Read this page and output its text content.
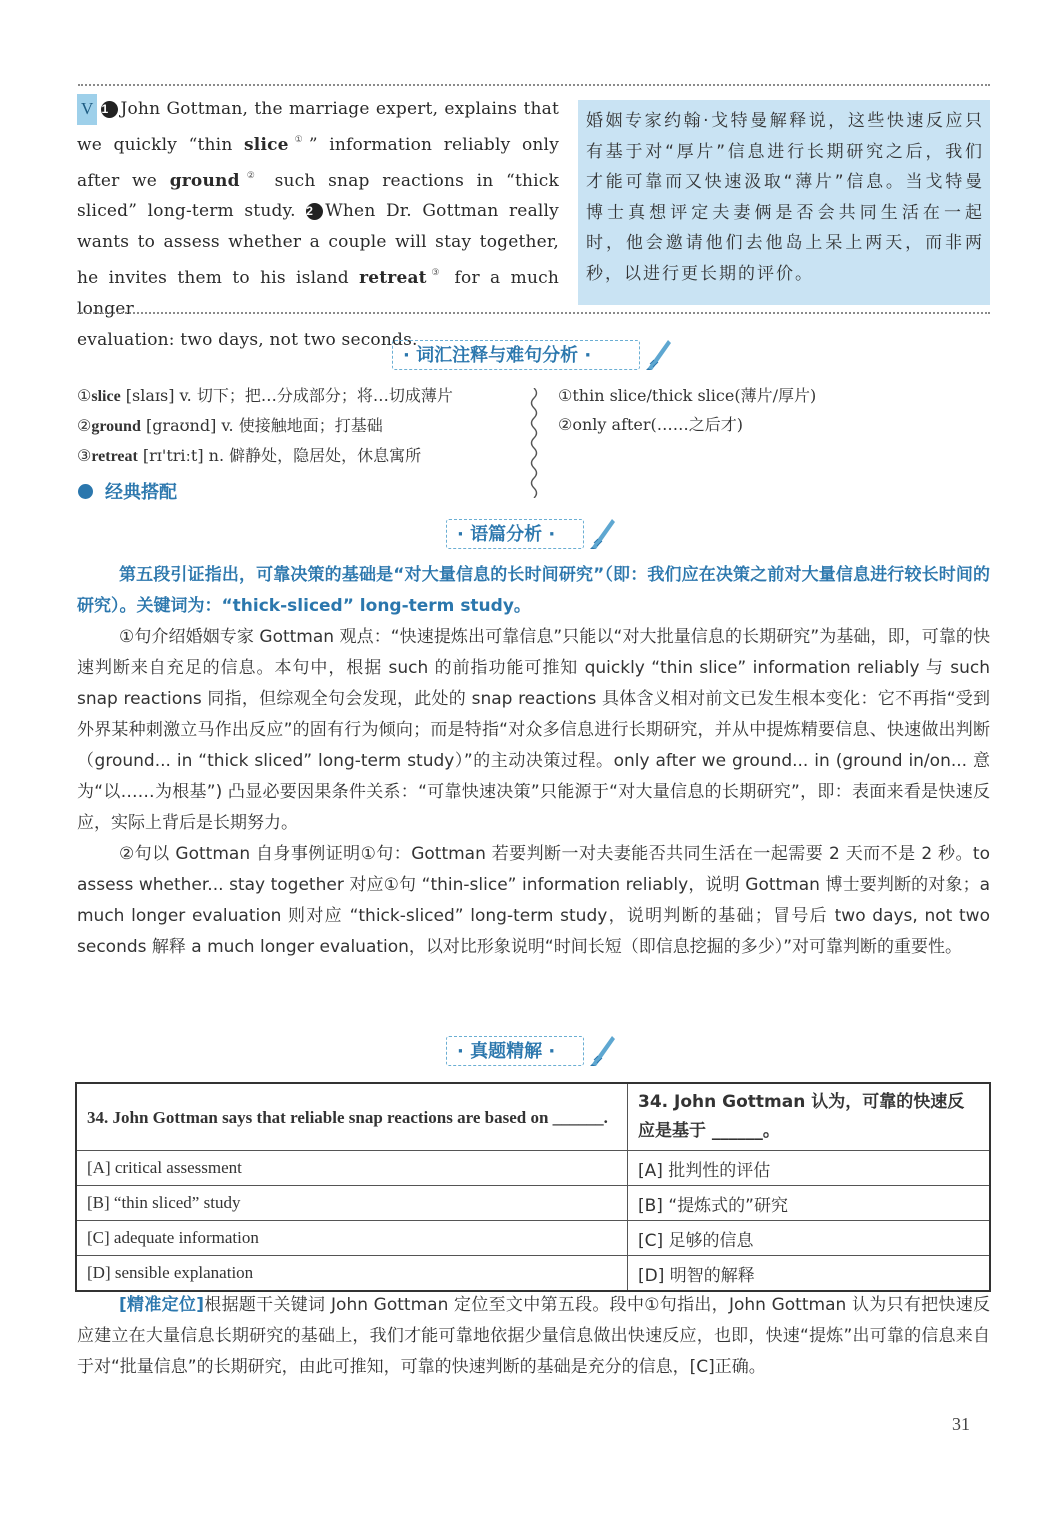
V 1 John Gottman, the marriage expert, explains that we quickly “thin slice①” information reliably only after we ground② such snap reactions in “thick sliced” long-term study. 2 When Dr. Gottman really wants to assess whether a couple will stay together, he invites them to his island retreat③ for a much longer
evaluation: two days, not two seconds.
婚姻专家约翰·戈特曼解释说，这些快速反应只有基于对“厚片”信息进行长期研究之后，我们才能可靠而又快速汲取“薄片”信息。当戈特曼博士真想评定夫妻俩是否会共同生活在一起时，他会邀请他们去他岛上呆上两天，而非两秒，以进行更长期的评价。
· 词汇注释与难句分析 ·
①slice [slaɪs] v. 切下；把…分成部分；将…切成薄片
②ground [graʊnd] v. 使接触地面；打基础
③retreat [rɪ'triːt] n. 僻静处，隐居处，休息寓所
①thin slice/thick slice(薄片/厚片)
②only after(……之后才)
经典搭配
· 语篇分析 ·

第五段引证指出，可靠决策的基础是“对大量信息的长时间研究”（即：我们应在决策之前对大量信息进行较长时间的研究）。关键词为：“thick-sliced” long-term study。

①句介绍婚姻专家 Gottman 观点：“快速提炼出可靠信息”只能以“对大批量信息的长期研究”为基础，即，可靠的快速判断来自充足的信息。本句中，根据 such 的前指功能可推知 quickly “thin slice” information reliably 与 such snap reactions 同指，但综观全句会发现，此处的 snap reactions 具体含义相对前文已发生根本变化：它不再指“受到外界某种刺激立马作出反应”的固有行为倾向；而是特指“对众多信息进行长期研究，并从中提炼精要信息、快速做出判断（ground... in “thick sliced” long-term study）”的主动决策过程。only after we ground... in (ground in/on... 意为“以……为根基”) 凸显必要因果条件关系：“可靠快速决策”只能源于“对大量信息的长期研究”，即：表面来看是快速反应，实际上背后是长期努力。

②句以 Gottman 自身事例证明①句：Gottman 若要判断一对夫妻能否共同生活在一起需要 2 天而不是 2 秒。to assess whether... stay together 对应①句 “thin-slice” information reliably，说明 Gottman 博士要判断的对象；a much longer evaluation 则对应 “thick-sliced” long-term study，说明判断的基础；冒号后 two days, not two seconds 解释 a much longer evaluation，以对比形象说明“时间长短（即信息挖掘的多少）”对可靠判断的重要性。

· 真题精解 ·
34. John Gottman says that reliable snap reactions are based on ______.	34. John Gottman 认为，可靠的快速反应是基于 ______。
[A] critical assessment	[A] 批判性的评估
[B] “thin sliced” study	[B] “提炼式的”研究
[C] adequate information	[C] 足够的信息
[D] sensible explanation	[D] 明智的解释

[精准定位]根据题干关键词 John Gottman 定位至文中第五段。段中①句指出，John Gottman 认为只有把快速反应建立在大量信息长期研究的基础上，我们才能可靠地依据少量信息做出快速反应，也即，快速“提炼”出可靠的信息来自于对“批量信息”的长期研究，由此可推知，可靠的快速判断的基础是充分的信息，[C]正确。

31
